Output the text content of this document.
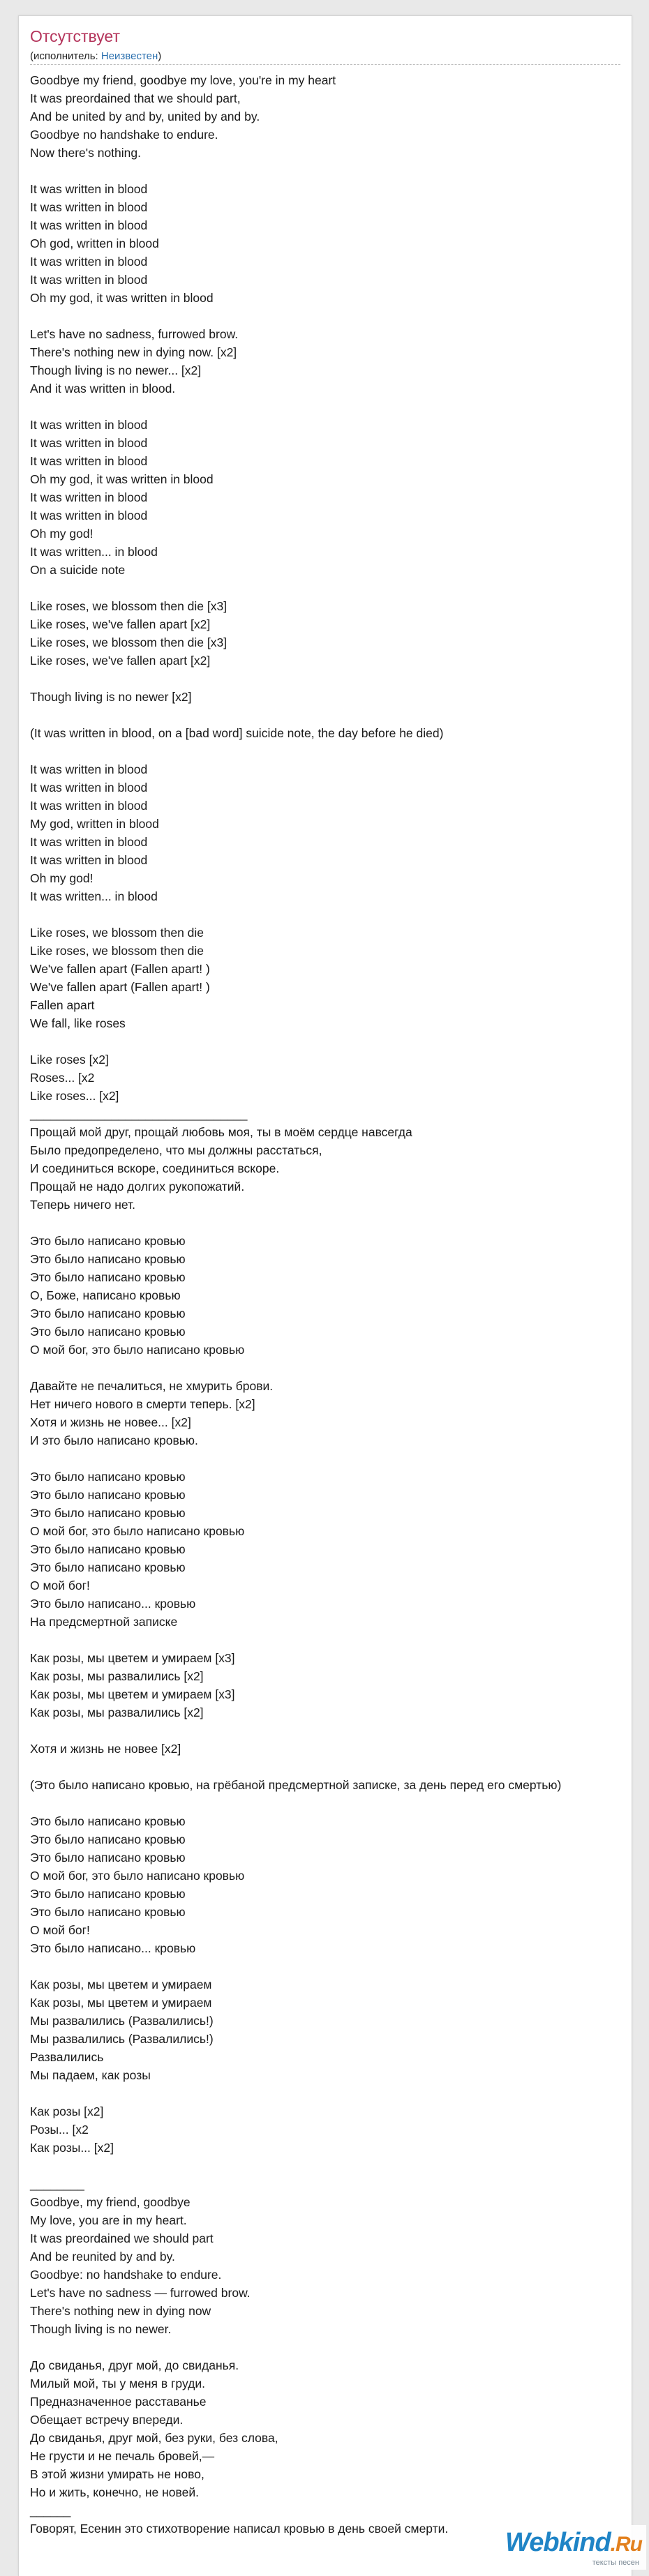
Отсутствует
(исполнитель: Неизвестен)
Goodbye my friend, goodbye my love, you're in my heart
It was preordained that we should part,
And be united by and by, united by and by.
Goodbye no handshake to endure.
Now there's nothing.

It was written in blood
It was written in blood
It was written in blood
Oh god, written in blood
It was written in blood
It was written in blood
Oh my god, it was written in blood

Let's have no sadness, furrowed brow.
There's nothing new in dying now. [x2]
Though living is no newer... [x2]
And it was written in blood.

It was written in blood
It was written in blood
It was written in blood
Oh my god, it was written in blood
It was written in blood
It was written in blood
Oh my god!
It was written... in blood
On a suicide note

Like roses, we blossom then die [x3]
Like roses, we've fallen apart [x2]
Like roses, we blossom then die [x3]
Like roses, we've fallen apart [x2]

Though living is no newer [x2]

(It was written in blood, on a [bad word] suicide note, the day before he died)

It was written in blood
It was written in blood
It was written in blood
My god, written in blood
It was written in blood
It was written in blood
Oh my god!
It was written... in blood

Like roses, we blossom then die
Like roses, we blossom then die
We've fallen apart (Fallen apart! )
We've fallen apart (Fallen apart! )
Fallen apart
We fall, like roses

Like roses [x2]
Roses... [x2
Like roses... [x2]
________________________________
Прощай мой друг, прощай любовь моя, ты в моём сердце навсегда
Было предопределено, что мы должны расстаться,
И соединиться вскоре, соединиться вскоре.
Прощай не надо долгих рукопожатий.
Теперь ничего нет.

Это было написано кровью
Это было написано кровью
Это было написано кровью
О, Боже, написано кровью
Это было написано кровью
Это было написано кровью
О мой бог, это было написано кровью

Давайте не печалиться, не хмурить брови.
Нет ничего нового в смерти теперь. [x2]
Хотя и жизнь не новее... [x2]
И это было написано кровью.

Это было написано кровью
Это было написано кровью
Это было написано кровью
О мой бог, это было написано кровью
Это было написано кровью
Это было написано кровью
О мой бог!
Это было написано... кровью
На предсмертной записке

Как розы, мы цветем и умираем [x3]
Как розы, мы развалились [x2]
Как розы, мы цветем и умираем [x3]
Как розы, мы развалились [x2]

Хотя и жизнь не новее [x2]

(Это было написано кровью, на грёбаной предсмертной записке, за день перед его смертью)

Это было написано кровью
Это было написано кровью
Это было написано кровью
О мой бог, это было написано кровью
Это было написано кровью
Это было написано кровью
О мой бог!
Это было написано... кровью

Как розы, мы цветем и умираем
Как розы, мы цветем и умираем
Мы развалились (Развалились!)
Мы развалились (Развалились!)
Развалились
Мы падаем, как розы

Как розы [x2]
Розы... [x2
Как розы... [x2]

________
Goodbye, my friend, goodbye
My love, you are in my heart.
It was preordained we should part
And be reunited by and by.
Goodbye: no handshake to endure.
Let's have no sadness — furrowed brow.
There's nothing new in dying now
Though living is no newer.

До свиданья, друг мой, до свиданья.
Милый мой, ты у меня в груди.
Предназначенное расставанье
Обещает встречу впереди.
До свиданья, друг мой, без руки, без слова,
Не грусти и не печаль бровей,—
В этой жизни умирать не ново,
Но и жить, конечно, не новей.
______
Говорят, Есенин это стихотворение написал кровью в день своей смерти.	Webkind.Ru
тексты песен
